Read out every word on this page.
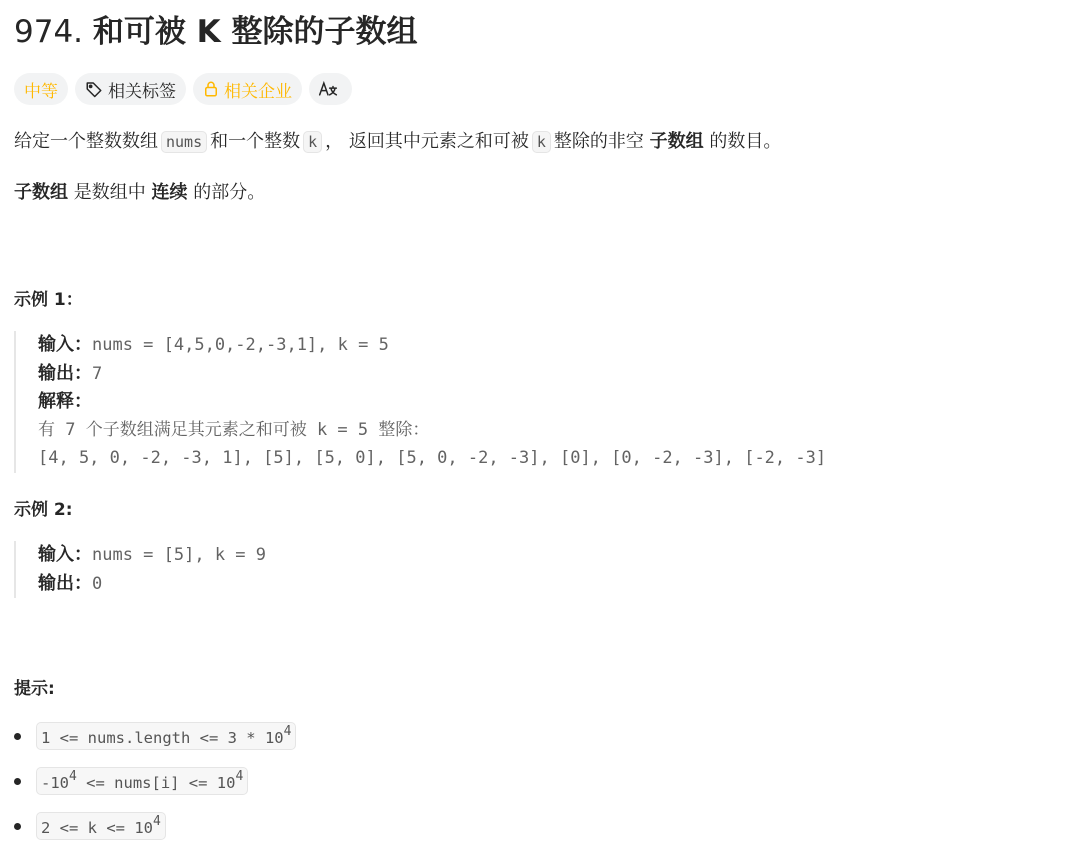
974. 和可被 K 整除的子数组
中等	相关标签	相关企业
给定一个整数数组 nums 和一个整数 k ， 返回其中元素之和可被 k 整除的非空 子数组 的数目。
子数组 是数组中 连续 的部分。
示例 1：
输入：nums = [4,5,0,-2,-3,1], k = 5
输出：7
解释：
有 7 个子数组满足其元素之和可被 k = 5 整除：
[4, 5, 0, -2, -3, 1], [5], [5, 0], [5, 0, -2, -3], [0], [0, -2, -3], [-2, -3]
示例 2:
输入：nums = [5], k = 9
输出：0
提示:
1 <= nums.length <= $3 * 10^4$
$-10^4$ <= nums[i] <= $10^4$
$2 <= k <= 10^4$
